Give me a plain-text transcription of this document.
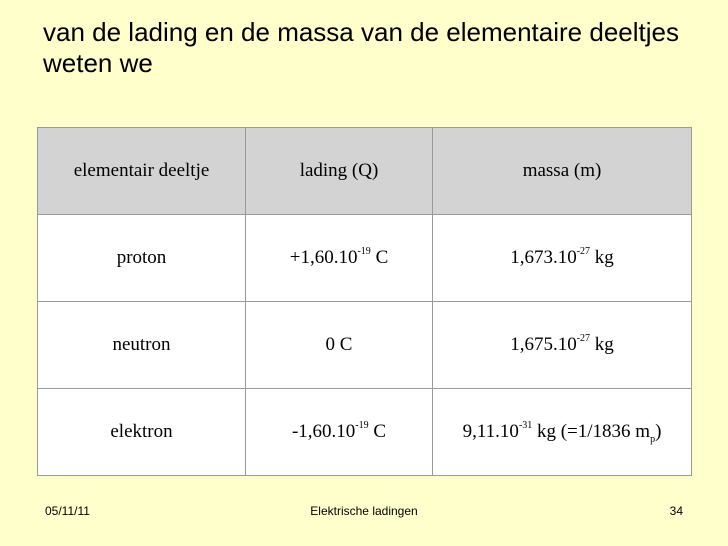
van de lading en de massa van de elementaire deeltjes weten we
elementair deeltje	lading (Q)	massa (m)
proton	$+1,60.10^{-19}$ C	$1,673.10^{-27}$ kg
neutron	0 C	$1,675.10^{-27}$ kg
elektron	$-1,60.10^{-19}$ C	$9,11.10^{-31}$ kg (=1/1836 $m_p$)
05/11/11	Elektrische ladingen	34
